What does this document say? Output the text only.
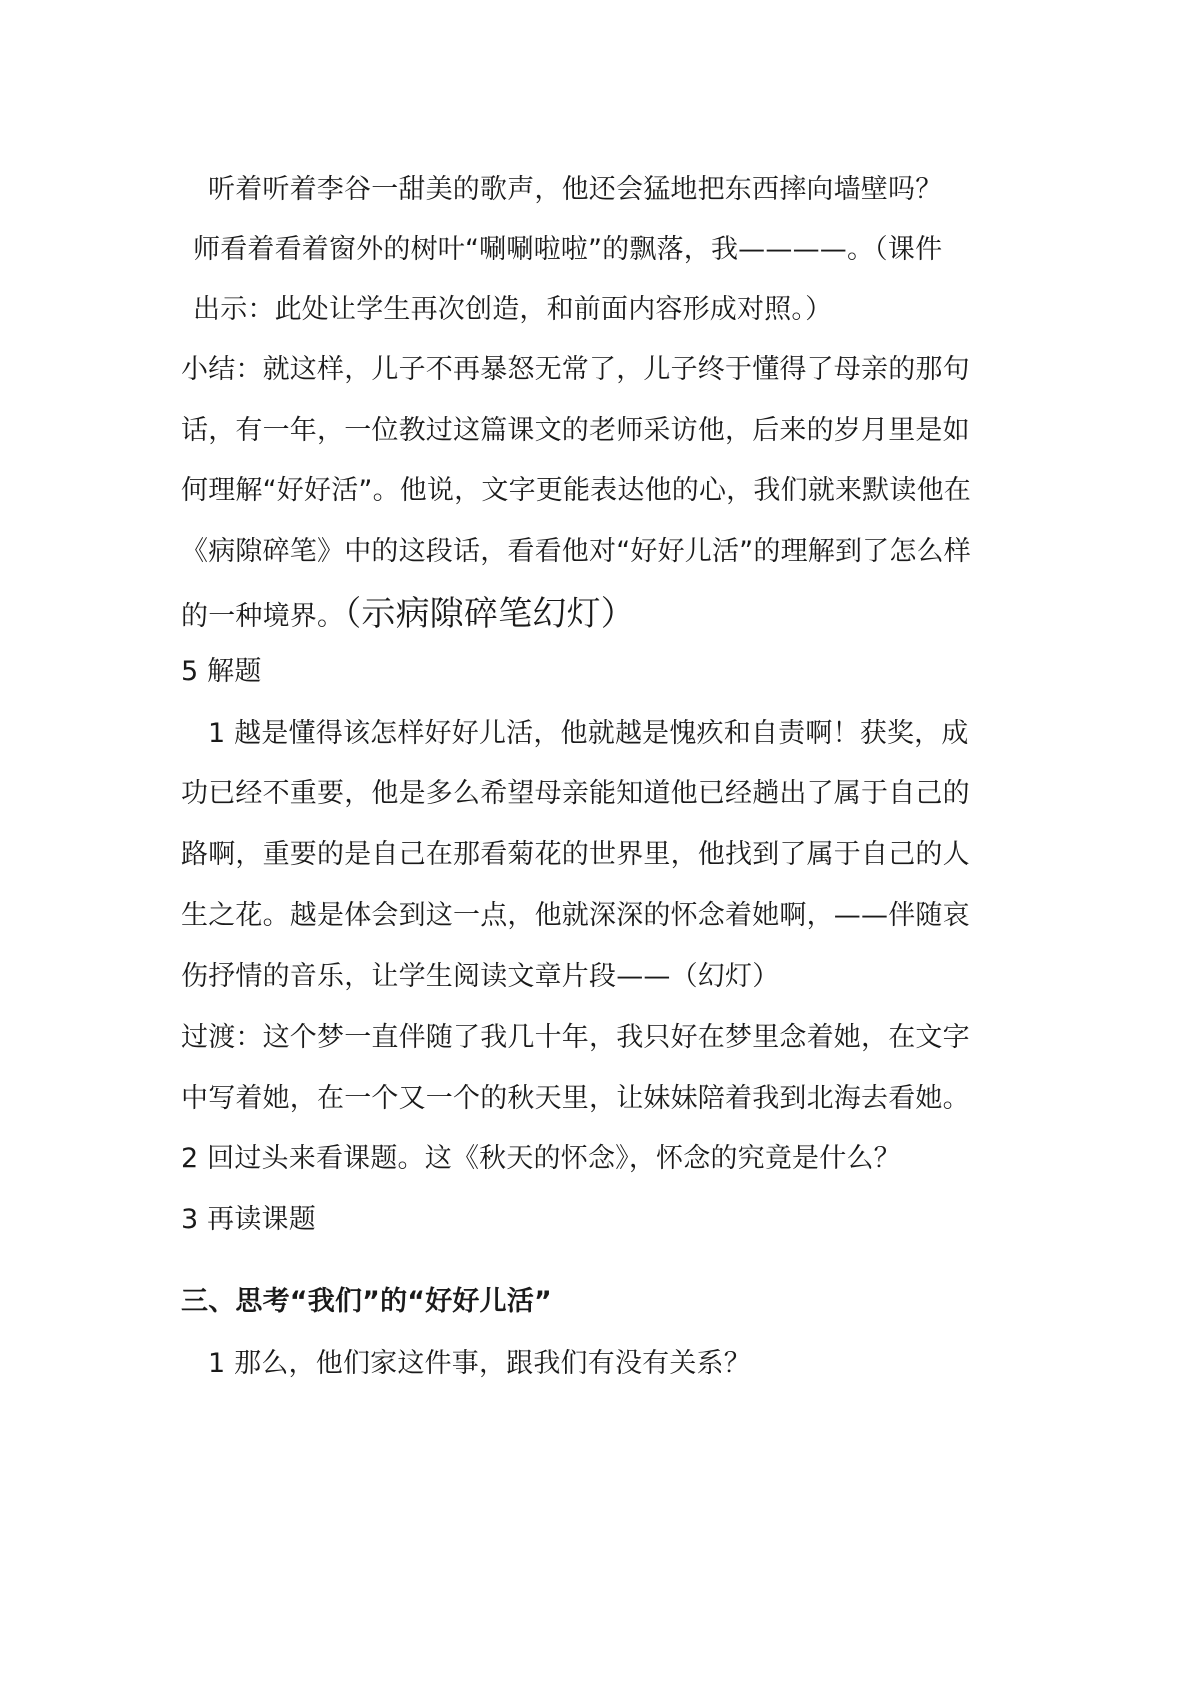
听着听着李谷一甜美的歌声，他还会猛地把东西摔向墙壁吗？
师看着看着窗外的树叶“唰唰啦啦”的飘落，我————。（课件
出示：此处让学生再次创造，和前面内容形成对照。）
小结：就这样，儿子不再暴怒无常了，儿子终于懂得了母亲的那句
话，有一年，一位教过这篇课文的老师采访他，后来的岁月里是如
何理解“好好活”。他说，文字更能表达他的心，我们就来默读他在
《病隙碎笔》中的这段话，看看他对“好好儿活”的理解到了怎么样
的一种境界。（示病隙碎笔幻灯）
5 解题
1 越是懂得该怎样好好儿活，他就越是愧疚和自责啊！获奖，成
功已经不重要，他是多么希望母亲能知道他已经趟出了属于自己的
路啊，重要的是自己在那看菊花的世界里，他找到了属于自己的人
生之花。越是体会到这一点，他就深深的怀念着她啊，——伴随哀
伤抒情的音乐，让学生阅读文章片段——（幻灯）
过渡：这个梦一直伴随了我几十年，我只好在梦里念着她，在文字
中写着她，在一个又一个的秋天里，让妹妹陪着我到北海去看她。
2 回过头来看课题。这《秋天的怀念》，怀念的究竟是什么？
3 再读课题
三、思考“我们”的“好好儿活”
1 那么，他们家这件事，跟我们有没有关系？
